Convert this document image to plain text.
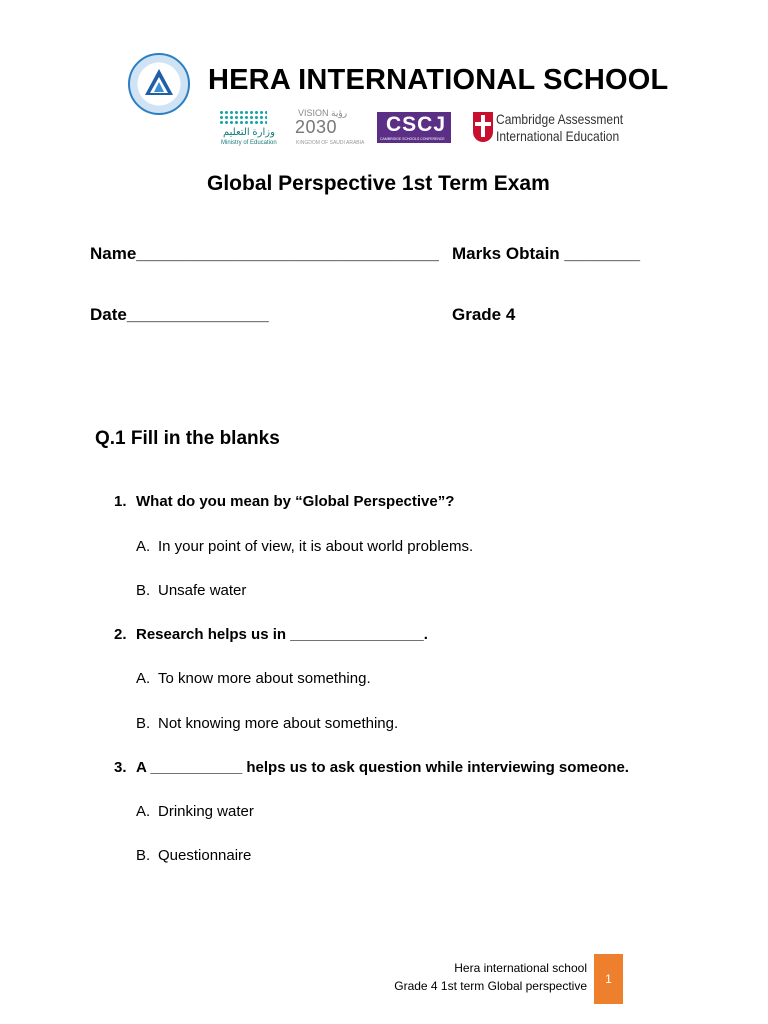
HERA INTERNATIONAL SCHOOL
وزارة التعليم
Ministry of Education
VISION رؤية
2030
KINGDOM OF SAUDI ARABIA
CSCJ
CAMBRIDGE SCHOOLS CONFERENCE
Cambridge Assessment
International Education
Global Perspective 1st Term Exam
Name________________________________ Marks Obtain ________
Date_______________	Grade 4
Q.1 Fill in the blanks
1. What do you mean by “Global Perspective”?
A. In your point of view, it is about world problems.
B. Unsafe water
2. Research helps us in ________________.
A. To know more about something.
B. Not knowing more about something.
3. A ___________ helps us to ask question while interviewing someone.
A. Drinking water
B. Questionnaire
Hera international school
Grade 4 1st term Global perspective 1
